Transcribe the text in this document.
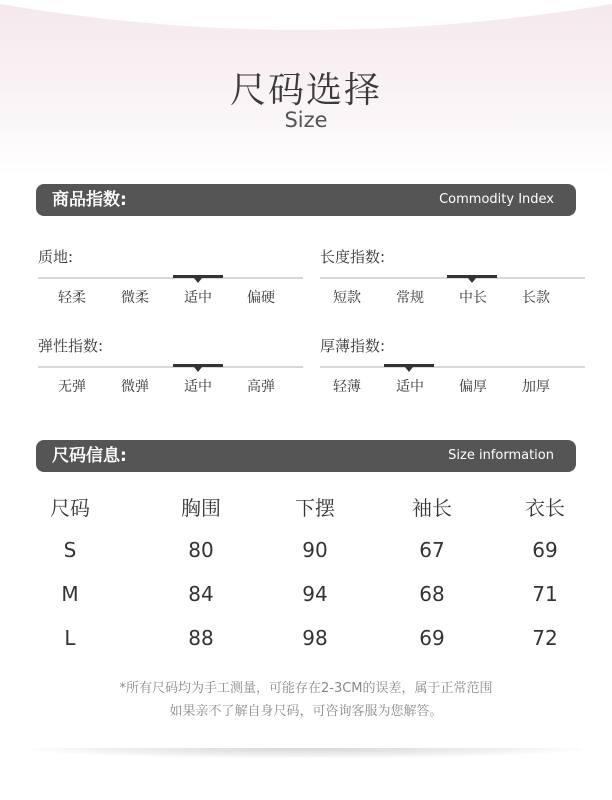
尺码选择
Size
商品指数:	Commodity Index
质地:
轻柔	微柔	适中	偏硬
长度指数:
短款	常规	中长	长款
弹性指数:
无弹	微弹	适中	高弹
厚薄指数:
轻薄	适中	偏厚	加厚
尺码信息:	Size information
尺码	胸围	下摆	袖长	衣长
S	80	90	67	69
M	84	94	68	71
L	88	98	69	72
*所有尺码均为手工测量，可能存在2-3CM的误差，属于正常范围
如果亲不了解自身尺码，可咨询客服为您解答。
